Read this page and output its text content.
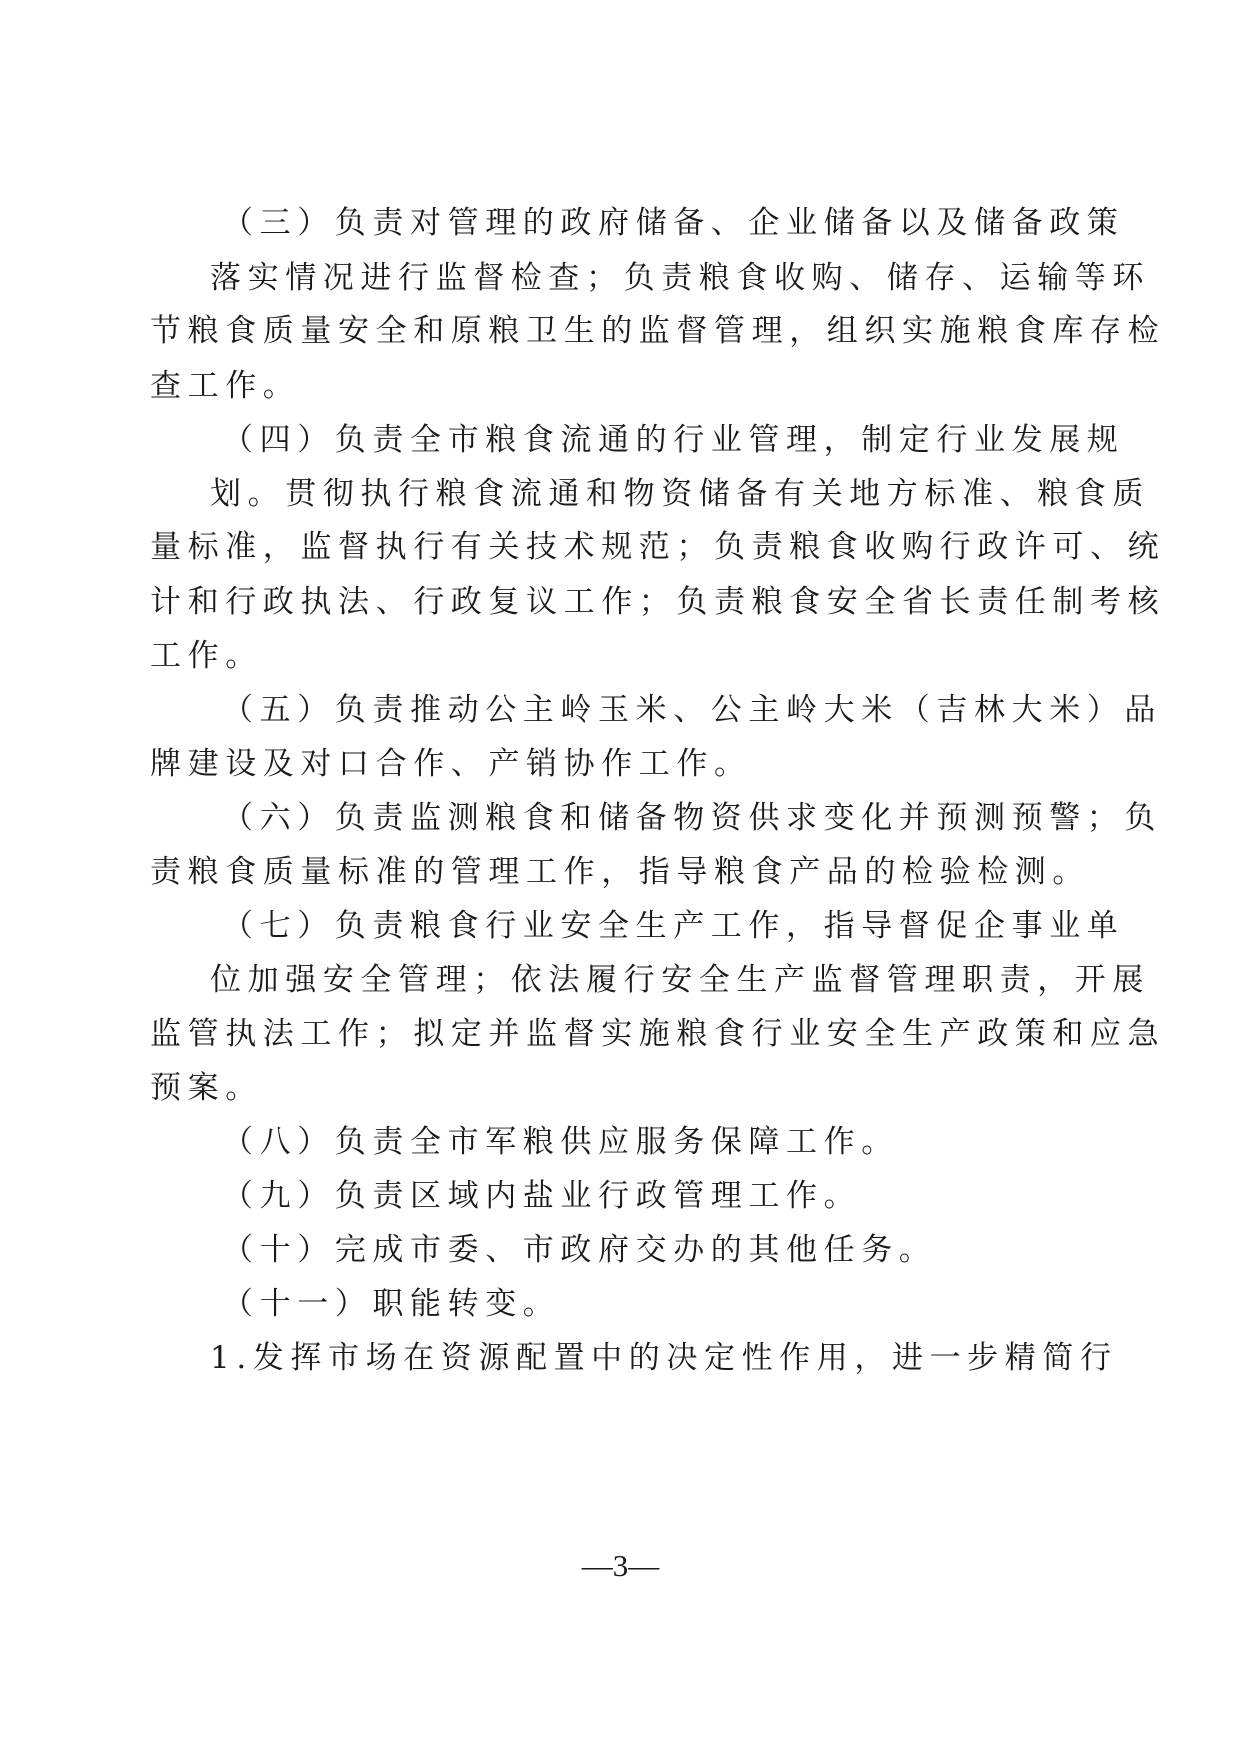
（三）负责对管理的政府储备、企业储备以及储备政策
落实情况进行监督检查；负责粮食收购、储存、运输等环
节粮食质量安全和原粮卫生的监督管理，组织实施粮食库存检
查工作。
（四）负责全市粮食流通的行业管理，制定行业发展规
划。贯彻执行粮食流通和物资储备有关地方标准、粮食质
量标准，监督执行有关技术规范；负责粮食收购行政许可、统
计和行政执法、行政复议工作；负责粮食安全省长责任制考核
工作。
（五）负责推动公主岭玉米、公主岭大米（吉林大米）品
牌建设及对口合作、产销协作工作。
（六）负责监测粮食和储备物资供求变化并预测预警；负
责粮食质量标准的管理工作，指导粮食产品的检验检测。
（七）负责粮食行业安全生产工作，指导督促企事业单
位加强安全管理；依法履行安全生产监督管理职责，开展
监管执法工作；拟定并监督实施粮食行业安全生产政策和应急
预案。
（八）负责全市军粮供应服务保障工作。
（九）负责区域内盐业行政管理工作。
（十）完成市委、市政府交办的其他任务。
（十一）职能转变。
1.发挥市场在资源配置中的决定性作用，进一步精简行
—3—
